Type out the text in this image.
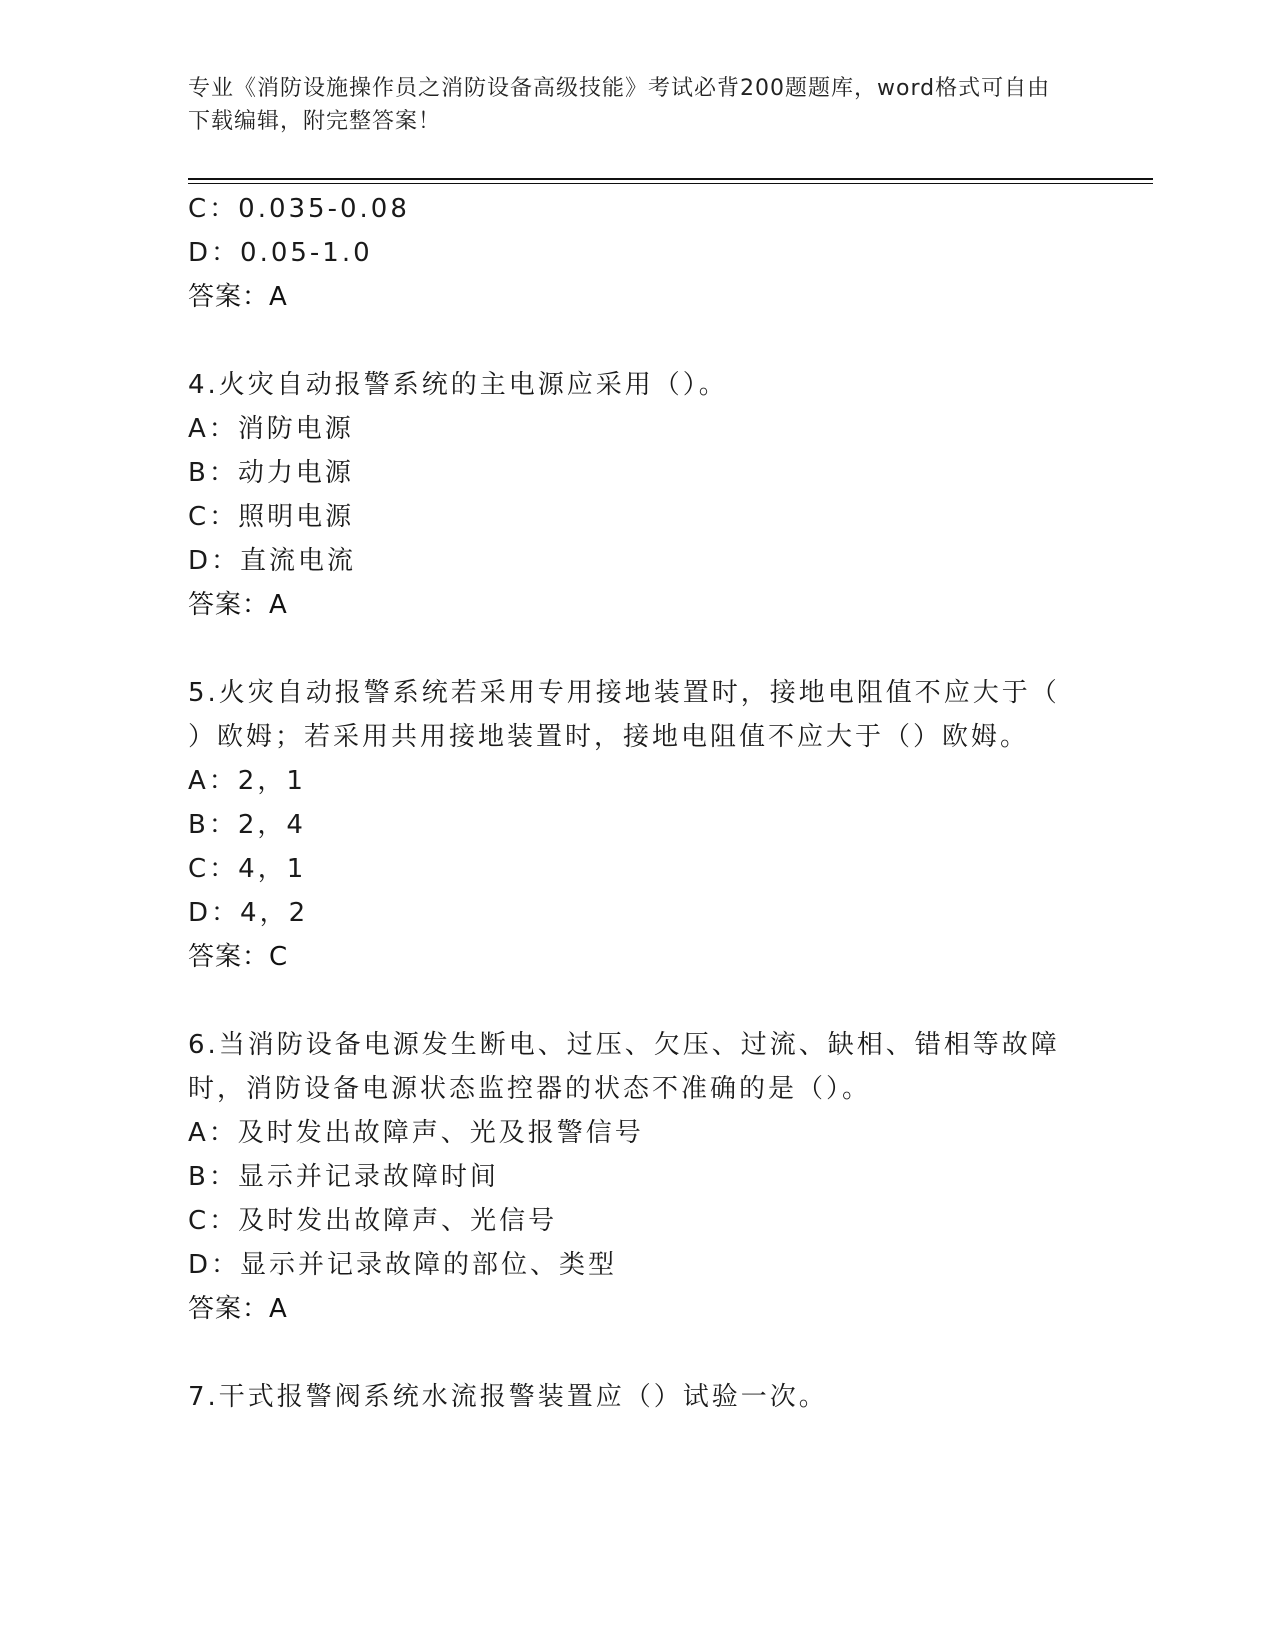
专业《消防设施操作员之消防设备高级技能》考试必背200题题库，word格式可自由下载编辑，附完整答案！
C：0.035-0.08
D：0.05-1.0
答案：A
4.火灾自动报警系统的主电源应采用（）。
A：消防电源
B：动力电源
C：照明电源
D：直流电流
答案：A
5.火灾自动报警系统若采用专用接地装置时，接地电阻值不应大于（
）欧姆；若采用共用接地装置时，接地电阻值不应大于（）欧姆。
A：2，1
B：2，4
C：4，1
D：4，2
答案：C
6.当消防设备电源发生断电、过压、欠压、过流、缺相、错相等故障
时，消防设备电源状态监控器的状态不准确的是（）。
A：及时发出故障声、光及报警信号
B：显示并记录故障时间
C：及时发出故障声、光信号
D：显示并记录故障的部位、类型
答案：A
7.干式报警阀系统水流报警装置应（）试验一次。
